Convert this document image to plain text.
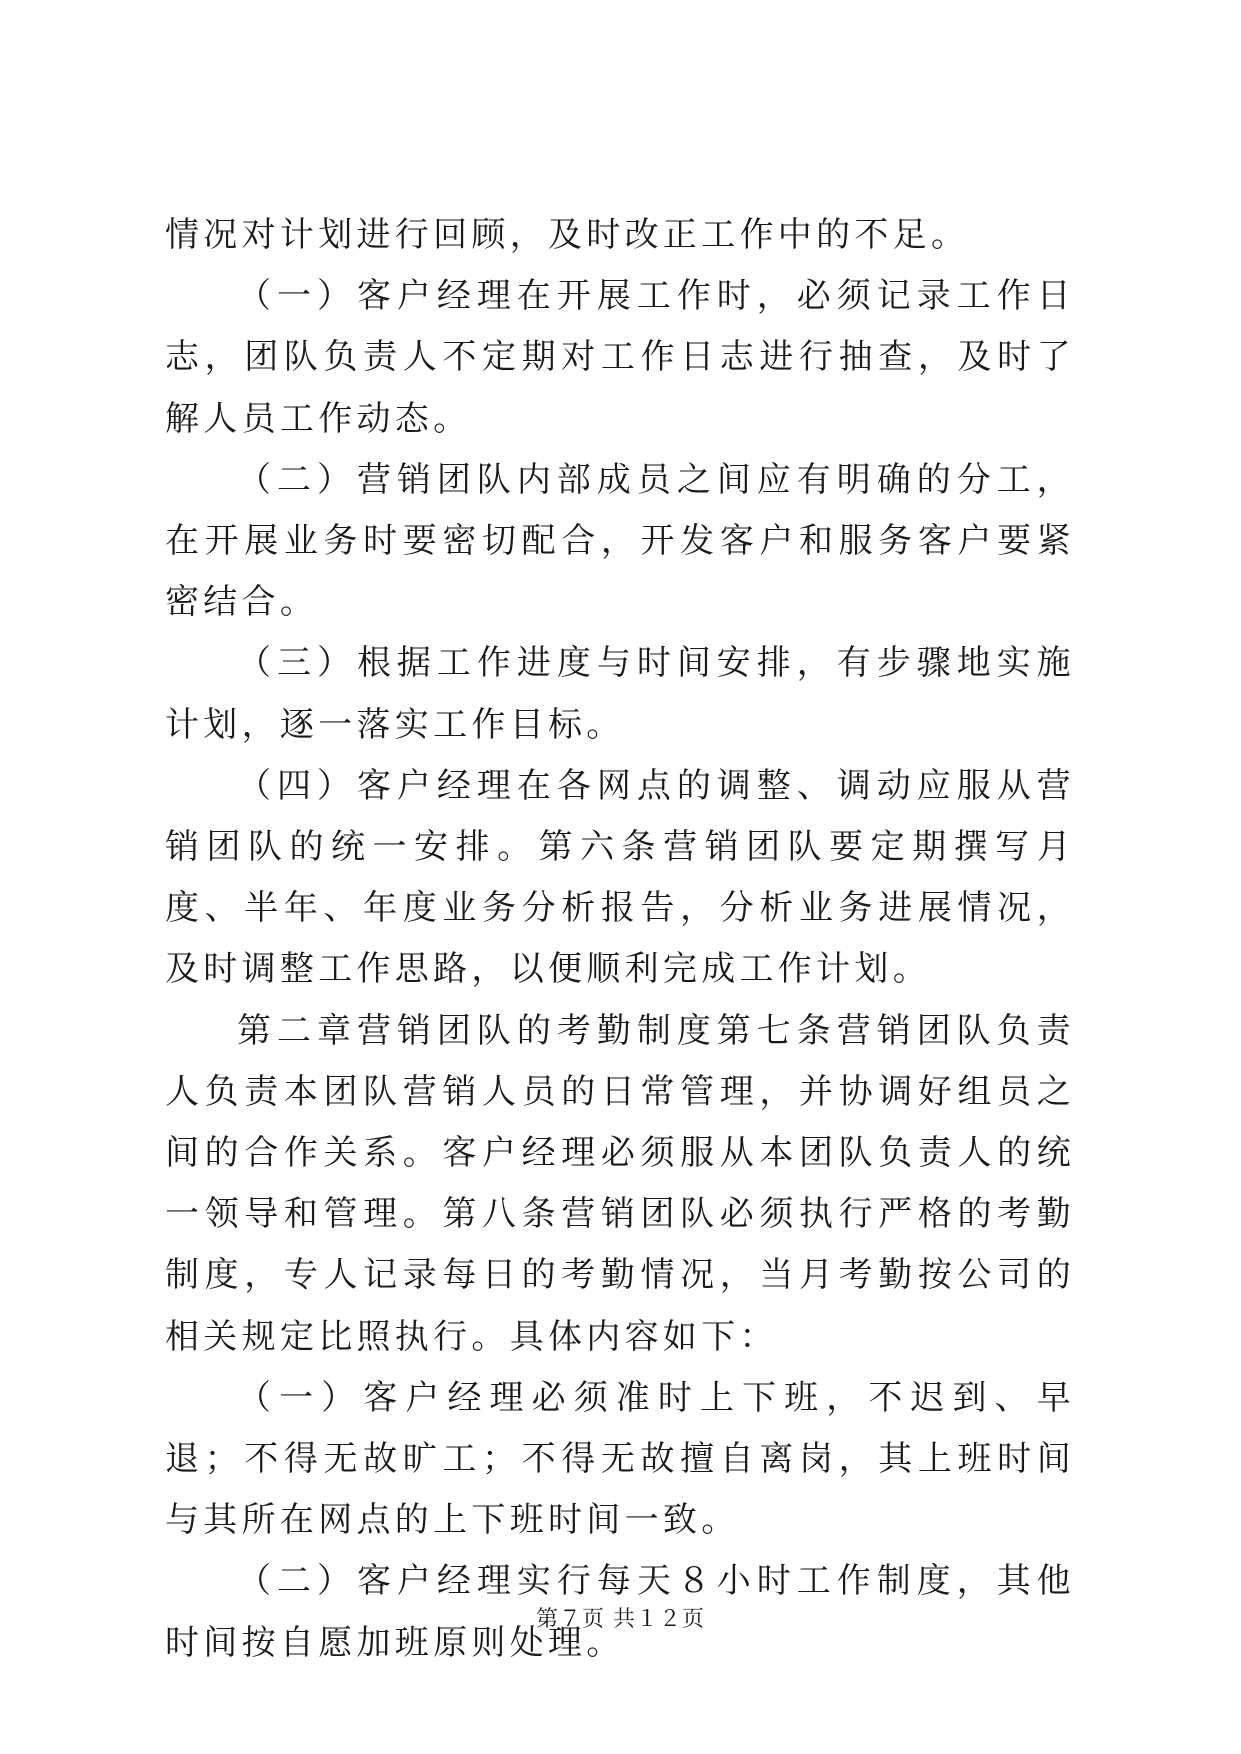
情况对计划进行回顾，及时改正工作中的不足。

（一）客户经理在开展工作时，必须记录工作日志，团队负责人不定期对工作日志进行抽查，及时了解人员工作动态。

（二）营销团队内部成员之间应有明确的分工，在开展业务时要密切配合，开发客户和服务客户要紧密结合。

（三）根据工作进度与时间安排，有步骤地实施计划，逐一落实工作目标。

（四）客户经理在各网点的调整、调动应服从营销团队的统一安排。第六条营销团队要定期撰写月度、半年、年度业务分析报告，分析业务进展情况，及时调整工作思路，以便顺利完成工作计划。

第二章营销团队的考勤制度第七条营销团队负责人负责本团队营销人员的日常管理，并协调好组员之间的合作关系。客户经理必须服从本团队负责人的统一领导和管理。第八条营销团队必须执行严格的考勤制度，专人记录每日的考勤情况，当月考勤按公司的相关规定比照执行。具体内容如下：

（一）客户经理必须准时上下班，不迟到、早退；不得无故旷工；不得无故擅自离岗，其上班时间与其所在网点的上下班时间一致。

（二）客户经理实行每天８小时工作制度，其他时间按自愿加班原则处理。

第７页 共１２页
